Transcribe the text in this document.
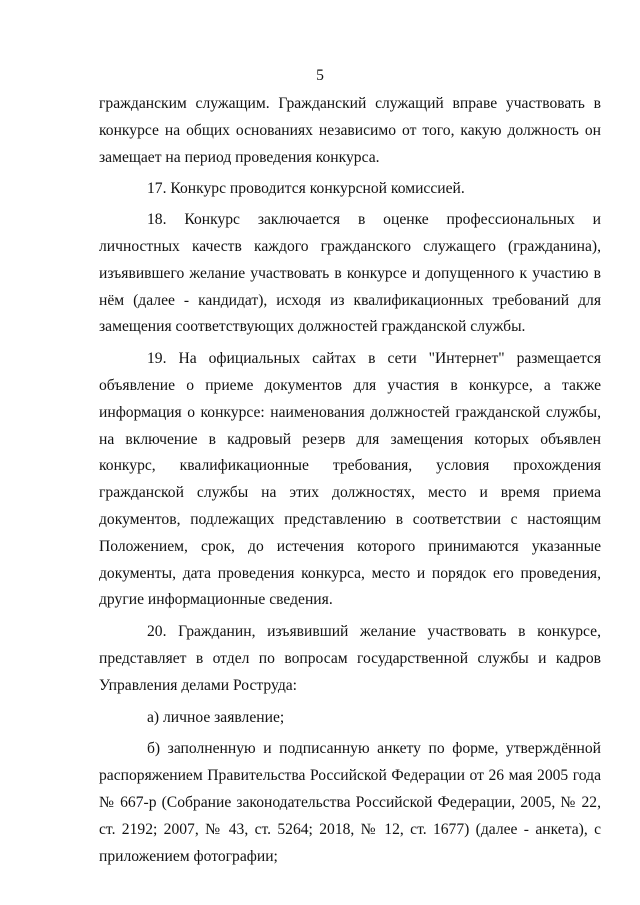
5

гражданским служащим. Гражданский служащий вправе участвовать в конкурсе на общих основаниях независимо от того, какую должность он замещает на период проведения конкурса.

17. Конкурс проводится конкурсной комиссией.

18. Конкурс заключается в оценке профессиональных и личностных качеств каждого гражданского служащего (гражданина), изъявившего желание участвовать в конкурсе и допущенного к участию в нём (далее - кандидат), исходя из квалификационных требований для замещения соответствующих должностей гражданской службы.

19. На официальных сайтах в сети "Интернет" размещается объявление о приеме документов для участия в конкурсе, а также информация о конкурсе: наименования должностей гражданской службы, на включение в кадровый резерв для замещения которых объявлен конкурс, квалификационные требования, условия прохождения гражданской службы на этих должностях, место и время приема документов, подлежащих представлению в соответствии с настоящим Положением, срок, до истечения которого принимаются указанные документы, дата проведения конкурса, место и порядок его проведения, другие информационные сведения.

20. Гражданин, изъявивший желание участвовать в конкурсе, представляет в отдел по вопросам государственной службы и кадров Управления делами Роструда:

а) личное заявление;

б) заполненную и подписанную анкету по форме, утверждённой распоряжением Правительства Российской Федерации от 26 мая 2005 года № 667-р (Собрание законодательства Российской Федерации, 2005, № 22, ст. 2192; 2007, № 43, ст. 5264; 2018, № 12, ст. 1677) (далее - анкета), с приложением фотографии;
